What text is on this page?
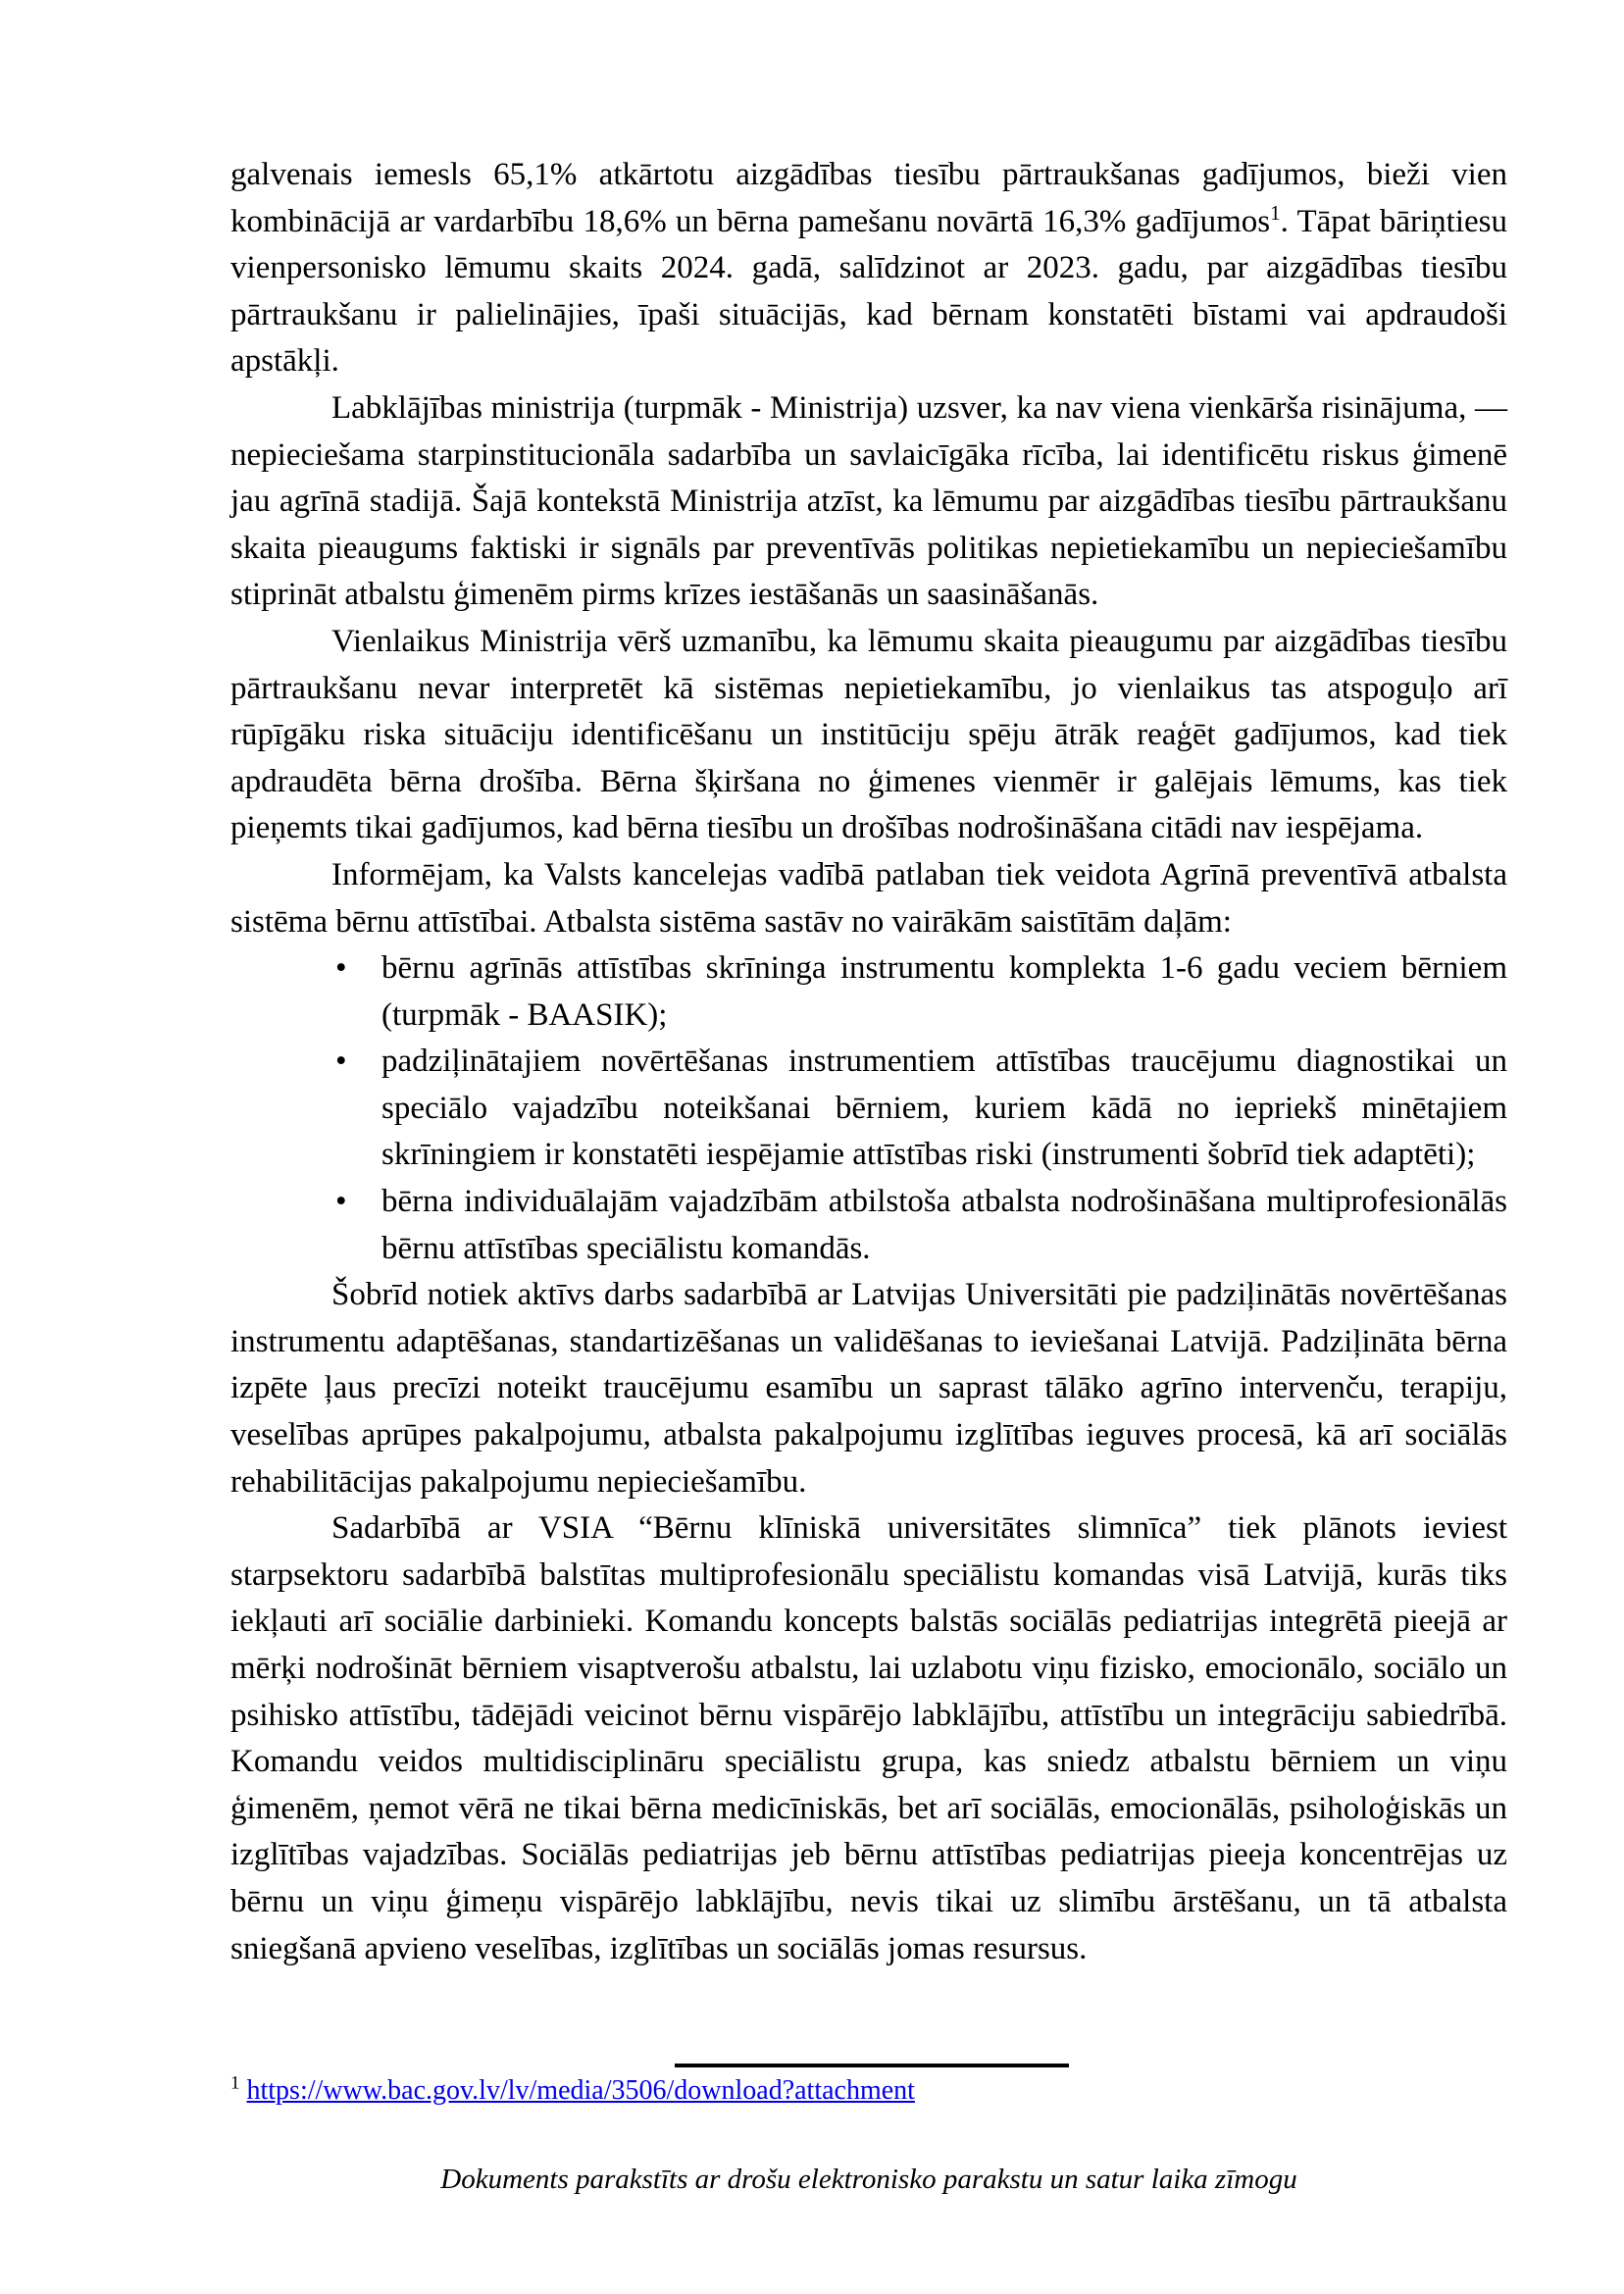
galvenais iemesls 65,1% atkārtotu aizgādības tiesību pārtraukšanas gadījumos, bieži vien kombinācijā ar vardarbību 18,6% un bērna pamešanu novārtā 16,3% gadījumos$^1$. Tāpat bāriņtiesu vienpersonisko lēmumu skaits 2024. gadā, salīdzinot ar 2023. gadu, par aizgādības tiesību pārtraukšanu ir palielinājies, īpaši situācijās, kad bērnam konstatēti bīstami vai apdraudoši apstākļi.

Labklājības ministrija (turpmāk - Ministrija) uzsver, ka nav viena vienkārša risinājuma, — nepieciešama starpinstitucionāla sadarbība un savlaicīgāka rīcība, lai identificētu riskus ģimenē jau agrīnā stadijā. Šajā kontekstā Ministrija atzīst, ka lēmumu par aizgādības tiesību pārtraukšanu skaita pieaugums faktiski ir signāls par preventīvās politikas nepietiekamību un nepieciešamību stiprināt atbalstu ģimenēm pirms krīzes iestāšanās un saasināšanās.

Vienlaikus Ministrija vērš uzmanību, ka lēmumu skaita pieaugumu par aizgādības tiesību pārtraukšanu nevar interpretēt kā sistēmas nepietiekamību, jo vienlaikus tas atspoguļo arī rūpīgāku riska situāciju identificēšanu un institūciju spēju ātrāk reaģēt gadījumos, kad tiek apdraudēta bērna drošība. Bērna šķiršana no ģimenes vienmēr ir galējais lēmums, kas tiek pieņemts tikai gadījumos, kad bērna tiesību un drošības nodrošināšana citādi nav iespējama.

Informējam, ka Valsts kancelejas vadībā patlaban tiek veidota Agrīnā preventīvā atbalsta sistēma bērnu attīstībai. Atbalsta sistēma sastāv no vairākām saistītām daļām:

• bērnu agrīnās attīstības skrīninga instrumentu komplekta 1-6 gadu veciem bērniem (turpmāk - BAASIK);
• padziļinātajiem novērtēšanas instrumentiem attīstības traucējumu diagnostikai un speciālo vajadzību noteikšanai bērniem, kuriem kādā no iepriekš minētajiem skrīningiem ir konstatēti iespējamie attīstības riski (instrumenti šobrīd tiek adaptēti);
• bērna individuālajām vajadzībām atbilstoša atbalsta nodrošināšana multiprofesionālās bērnu attīstības speciālistu komandās.

Šobrīd notiek aktīvs darbs sadarbībā ar Latvijas Universitāti pie padziļinātās novērtēšanas instrumentu adaptēšanas, standartizēšanas un validēšanas to ieviešanai Latvijā. Padziļināta bērna izpēte ļaus precīzi noteikt traucējumu esamību un saprast tālāko agrīno intervenču, terapiju, veselības aprūpes pakalpojumu, atbalsta pakalpojumu izglītības ieguves procesā, kā arī sociālās rehabilitācijas pakalpojumu nepieciešamību.

Sadarbībā ar VSIA “Bērnu klīniskā universitātes slimnīca” tiek plānots ieviest starpsektoru sadarbībā balstītas multiprofesionālu speciālistu komandas visā Latvijā, kurās tiks iekļauti arī sociālie darbinieki. Komandu koncepts balstās sociālās pediatrijas integrētā pieejā ar mērķi nodrošināt bērniem visaptverošu atbalstu, lai uzlabotu viņu fizisko, emocionālo, sociālo un psihisko attīstību, tādējādi veicinot bērnu vispārējo labklājību, attīstību un integrāciju sabiedrībā. Komandu veidos multidisciplināru speciālistu grupa, kas sniedz atbalstu bērniem un viņu ģimenēm, ņemot vērā ne tikai bērna medicīniskās, bet arī sociālās, emocionālās, psiholoģiskās un izglītības vajadzības. Sociālās pediatrijas jeb bērnu attīstības pediatrijas pieeja koncentrējas uz bērnu un viņu ģimeņu vispārējo labklājību, nevis tikai uz slimību ārstēšanu, un tā atbalsta sniegšanā apvieno veselības, izglītības un sociālās jomas resursus.

$^1$ https://www.bac.gov.lv/lv/media/3506/download?attachment
Dokuments parakstīts ar drošu elektronisko parakstu un satur laika zīmogu
